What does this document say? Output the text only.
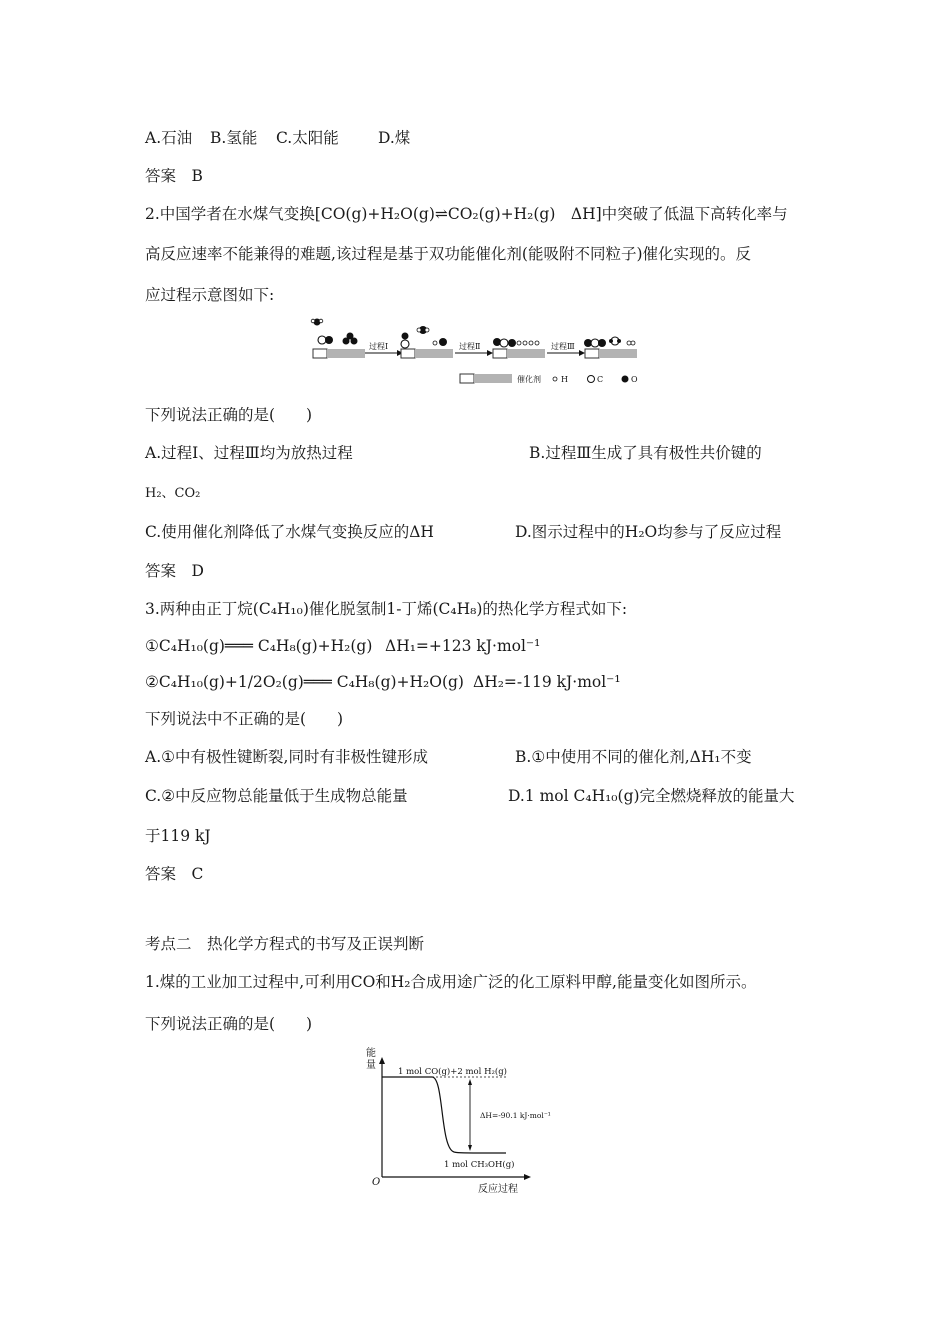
A.石油 B.氢能 C.太阳能	D.煤
答案　B
2.中国学者在水煤气变换[CO(g)+H₂O(g)⇌CO₂(g)+H₂(g)　ΔH]中突破了低温下高转化率与
高反应速率不能兼得的难题,该过程是基于双功能催化剂(能吸附不同粒子)催化实现的。反
应过程示意图如下:
过程Ⅰ	过程Ⅱ	过程Ⅲ
催化剂	H	C	O
下列说法正确的是(　　)
A.过程Ⅰ、过程Ⅲ均为放热过程	B.过程Ⅲ生成了具有极性共价键的
H₂、CO₂
C.使用催化剂降低了水煤气变换反应的ΔH	D.图示过程中的H₂O均参与了反应过程
答案　D
3.两种由正丁烷(C₄H₁₀)催化脱氢制1-丁烯(C₄H₈)的热化学方程式如下:
①C₄H₁₀(g)═══ C₄H₈(g)+H₂(g) ΔH₁=+123 kJ·mol⁻¹
②C₄H₁₀(g)+1/2O₂(g)═══ C₄H₈(g)+H₂O(g) ΔH₂=-119 kJ·mol⁻¹
下列说法中不正确的是(　　)
A.①中有极性键断裂,同时有非极性键形成	B.①中使用不同的催化剂,ΔH₁不变
C.②中反应物总能量低于生成物总能量	D.1 mol C₄H₁₀(g)完全燃烧释放的能量大
于119 kJ
答案　C
考点二　热化学方程式的书写及正误判断
1.煤的工业加工过程中,可利用CO和H₂合成用途广泛的化工原料甲醇,能量变化如图所示。
下列说法正确的是(　　)
能
量
O
反应过程
1 mol CO(g)+2 mol H₂(g)
1 mol CH₃OH(g)
ΔH=-90.1 kJ·mol⁻¹
